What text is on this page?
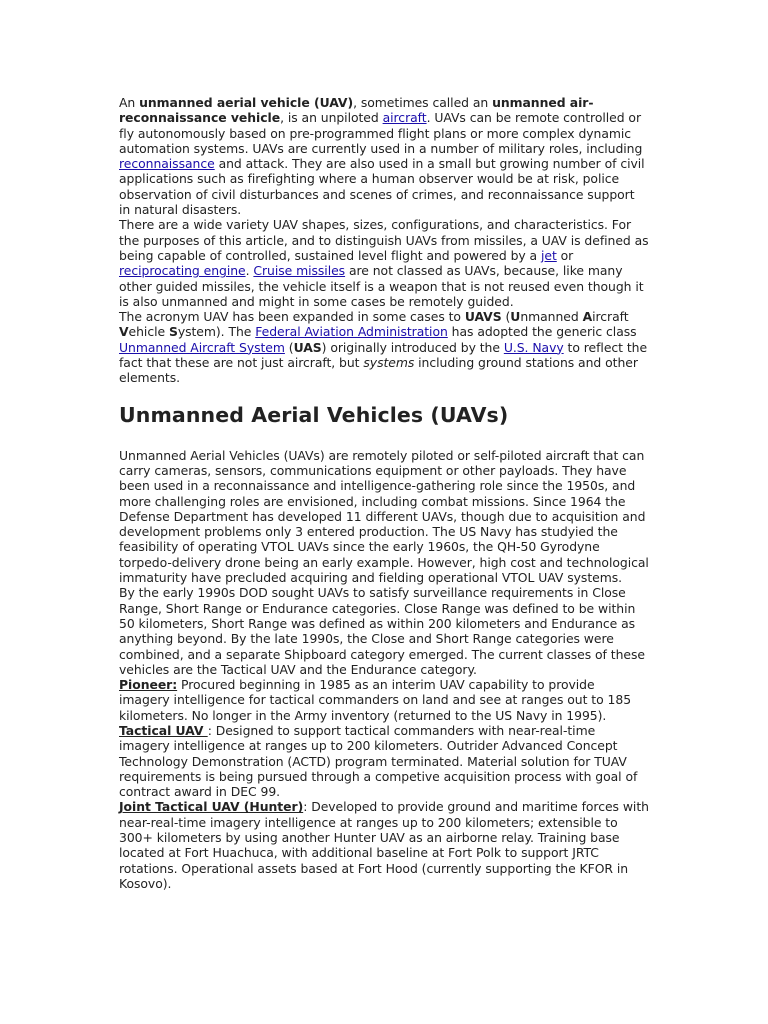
An unmanned aerial vehicle (UAV), sometimes called an unmanned air-reconnaissance vehicle, is an unpiloted aircraft. UAVs can be remote controlled or fly autonomously based on pre-programmed flight plans or more complex dynamic automation systems. UAVs are currently used in a number of military roles, including reconnaissance and attack. They are also used in a small but growing number of civil applications such as firefighting where a human observer would be at risk, police observation of civil disturbances and scenes of crimes, and reconnaissance support in natural disasters.

There are a wide variety UAV shapes, sizes, configurations, and characteristics. For the purposes of this article, and to distinguish UAVs from missiles, a UAV is defined as being capable of controlled, sustained level flight and powered by a jet or reciprocating engine. Cruise missiles are not classed as UAVs, because, like many other guided missiles, the vehicle itself is a weapon that is not reused even though it is also unmanned and might in some cases be remotely guided.

The acronym UAV has been expanded in some cases to UAVS (Unmanned Aircraft Vehicle System). The Federal Aviation Administration has adopted the generic class Unmanned Aircraft System (UAS) originally introduced by the U.S. Navy to reflect the fact that these are not just aircraft, but systems including ground stations and other elements.

Unmanned Aerial Vehicles (UAVs)

Unmanned Aerial Vehicles (UAVs) are remotely piloted or self-piloted aircraft that can carry cameras, sensors, communications equipment or other payloads. They have been used in a reconnaissance and intelligence-gathering role since the 1950s, and more challenging roles are envisioned, including combat missions. Since 1964 the Defense Department has developed 11 different UAVs, though due to acquisition and development problems only 3 entered production. The US Navy has studyied the feasibility of operating VTOL UAVs since the early 1960s, the QH-50 Gyrodyne torpedo-delivery drone being an early example. However, high cost and technological immaturity have precluded acquiring and fielding operational VTOL UAV systems.

By the early 1990s DOD sought UAVs to satisfy surveillance requirements in Close Range, Short Range or Endurance categories. Close Range was defined to be within 50 kilometers, Short Range was defined as within 200 kilometers and Endurance as anything beyond. By the late 1990s, the Close and Short Range categories were combined, and a separate Shipboard category emerged. The current classes of these vehicles are the Tactical UAV and the Endurance category.

Pioneer: Procured beginning in 1985 as an interim UAV capability to provide imagery intelligence for tactical commanders on land and see at ranges out to 185 kilometers. No longer in the Army inventory (returned to the US Navy in 1995).

Tactical UAV : Designed to support tactical commanders with near-real-time imagery intelligence at ranges up to 200 kilometers. Outrider Advanced Concept Technology Demonstration (ACTD) program terminated. Material solution for TUAV requirements is being pursued through a competive acquisition process with goal of contract award in DEC 99.

Joint Tactical UAV (Hunter): Developed to provide ground and maritime forces with near-real-time imagery intelligence at ranges up to 200 kilometers; extensible to 300+ kilometers by using another Hunter UAV as an airborne relay. Training base located at Fort Huachuca, with additional baseline at Fort Polk to support JRTC rotations. Operational assets based at Fort Hood (currently supporting the KFOR in Kosovo).
